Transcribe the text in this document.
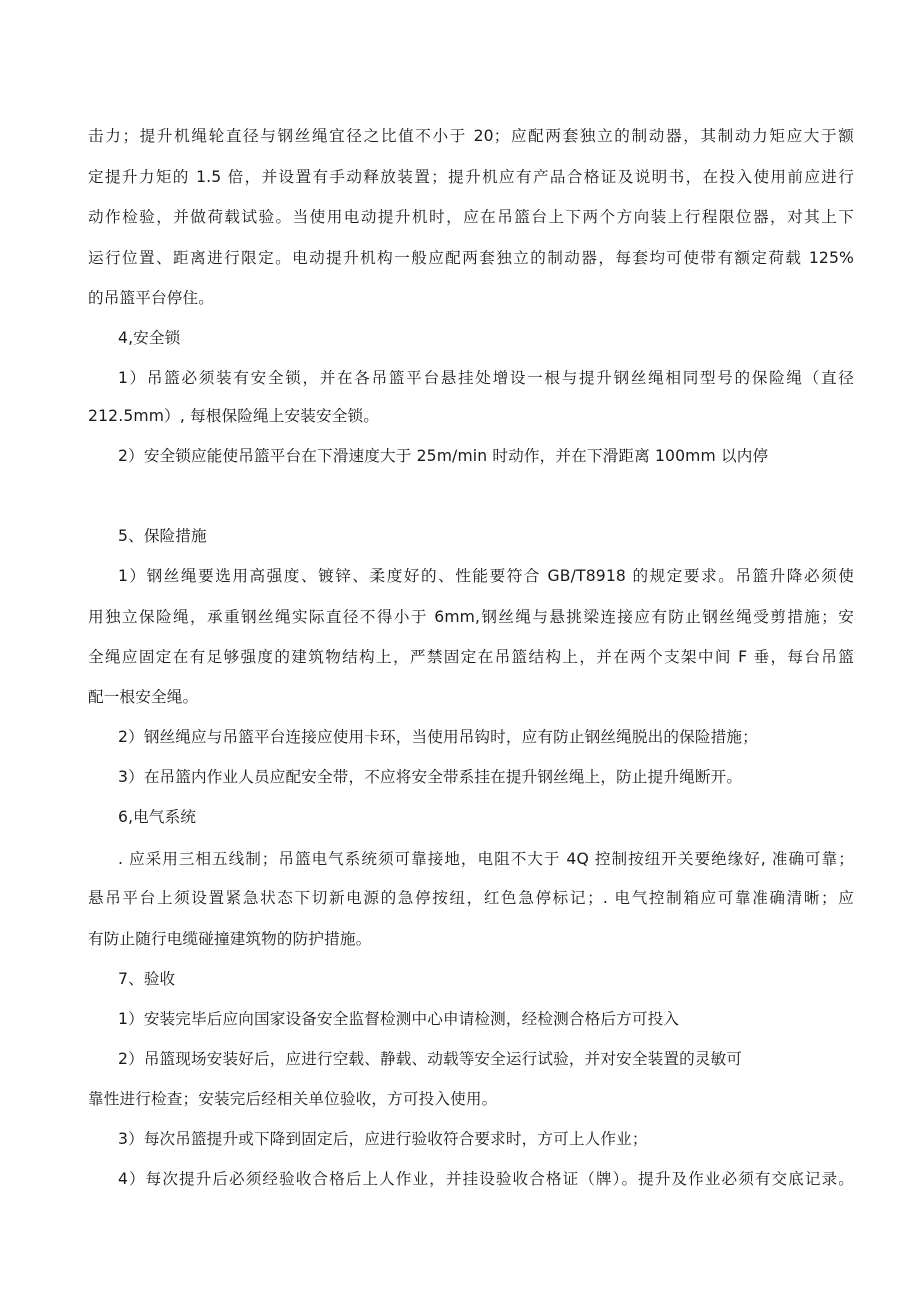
击力；提升机绳轮直径与钢丝绳宜径之比值不小于 20；应配两套独立的制动器，其制动力矩应大于额
定提升力矩的 1.5 倍，并设置有手动释放装置；提升机应有产品合格证及说明书，在投入使用前应进行
动作检验，并做荷载试验。当使用电动提升机时，应在吊篮台上下两个方向装上行程限位器，对其上下
运行位置、距离进行限定。电动提升机构一般应配两套独立的制动器，每套均可使带有额定荷载 125%
的吊篮平台停住。
4,安全锁
1）吊篮必须装有安全锁，并在各吊篮平台悬挂处增设一根与提升钢丝绳相同型号的保险绳（直径
212.5mm）, 每根保险绳上安装安全锁。
2）安全锁应能使吊篮平台在下滑速度大于 25m∕min 时动作，并在下滑距离 100mm 以内停
5、保险措施
1）钢丝绳要选用高强度、镀锌、柔度好的、性能要符合 GB/T8918 的规定要求。吊篮升降必须使
用独立保险绳，承重钢丝绳实际直径不得小于 6mm,钢丝绳与悬挑梁连接应有防止钢丝绳受剪措施；安
全绳应固定在有足够强度的建筑物结构上，严禁固定在吊篮结构上，并在两个支架中间 F 垂，每台吊篮
配一根安全绳。
2）钢丝绳应与吊篮平台连接应使用卡环，当使用吊钩时，应有防止钢丝绳脱出的保险措施；
3）在吊篮内作业人员应配安全带，不应将安全带系挂在提升钢丝绳上，防止提升绳断开。
6,电气系统
. 应采用三相五线制；吊篮电气系统须可靠接地，电阻不大于 4Q 控制按纽开关要绝缘好, 准确可靠；
悬吊平台上须设置紧急状态下切新电源的急停按纽，红色急停标记；. 电气控制箱应可靠准确清晰；应
有防止随行电缆碰撞建筑物的防护措施。
7、验收
1）安装完毕后应向国家设备安全监督检测中心申请检测，经检测合格后方可投入
2）吊篮现场安装好后，应进行空载、静载、动载等安全运行试验，并对安全装置的灵敏可
靠性进行检查；安装完后经相关单位验收，方可投入使用。
3）每次吊篮提升或下降到固定后，应进行验收符合要求时，方可上人作业；
4）每次提升后必须经验收合格后上人作业，并挂设验收合格证（牌）。提升及作业必须有交底记录。
